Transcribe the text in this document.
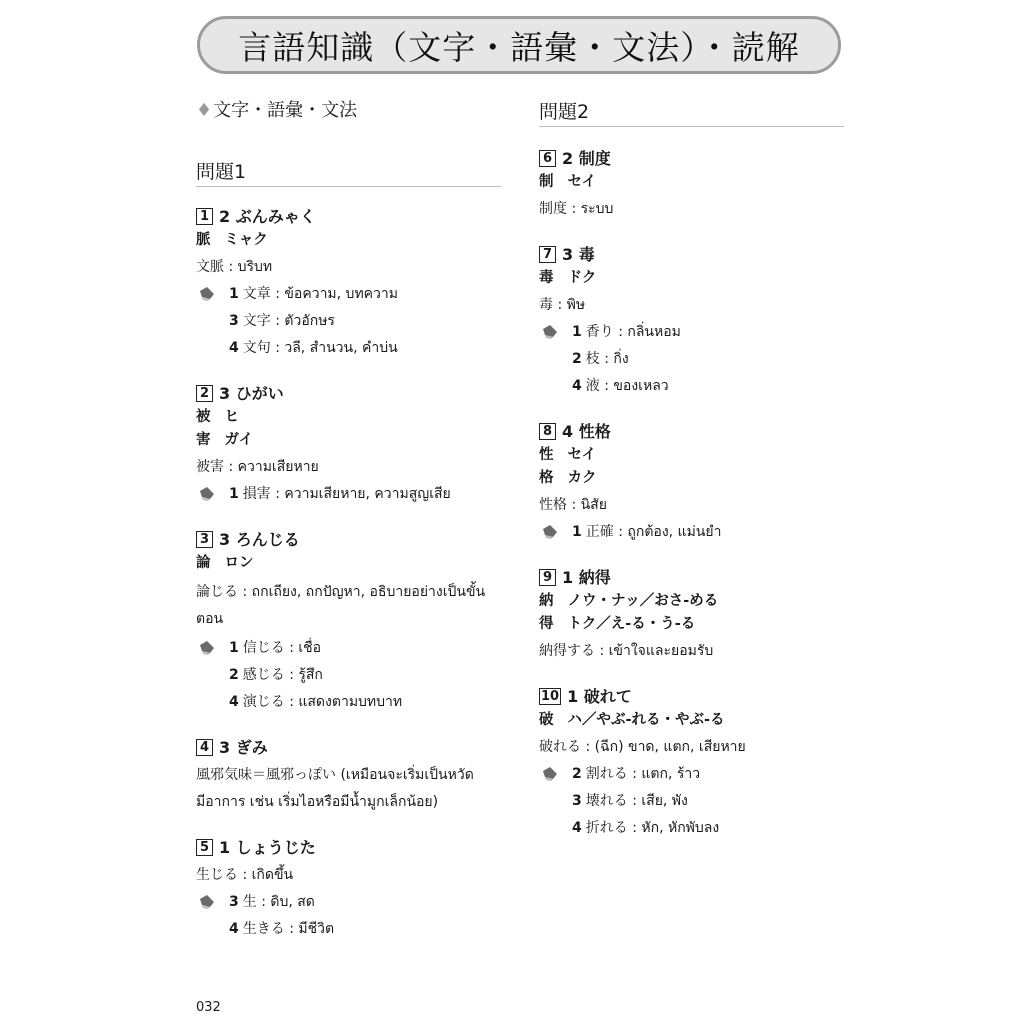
言語知識（文字・語彙・文法）・読解
♦文字・語彙・文法
問題1
1 2 ぶんみゃく
脈 ミャク
文脈 : บริบท
1 文章 : ข้อความ, บทความ
3 文字 : ตัวอักษร
4 文句 : วลี, สำนวน, คำบ่น
2 3 ひがい
被 ヒ
害 ガイ
被害 : ความเสียหาย
1 損害 : ความเสียหาย, ความสูญเสีย
3 3 ろんじる
論 ロン
論じる : ถกเถียง, ถกปัญหา, อธิบายอย่างเป็นขั้นตอน
1 信じる : เชื่อ
2 感じる : รู้สึก
4 演じる : แสดงตามบทบาท
4 3 ぎみ
風邪気味＝風邪っぽい (เหมือนจะเริ่มเป็นหวัด
มีอาการ เช่น เริ่มไอหรือมีน้ำมูกเล็กน้อย)
5 1 しょうじた
生じる : เกิดขึ้น
3 生 : ดิบ, สด
4 生きる : มีชีวิต
問題2
6 2 制度
制 セイ
制度 : ระบบ
7 3 毒
毒 ドク
毒 : พิษ
1 香り : กลิ่นหอม
2 枝 : กิ่ง
4 液 : ของเหลว
8 4 性格
性 セイ
格 カク
性格 : นิสัย
1 正確 : ถูกต้อง, แม่นยำ
9 1 納得
納 ノウ・ナッ／おさ-める
得 トク／え-る・う-る
納得する : เข้าใจและยอมรับ
10 1 破れて
破 ハ／やぶ-れる・やぶ-る
破れる : (ฉีก) ขาด, แตก, เสียหาย
2 割れる : แตก, ร้าว
3 壊れる : เสีย, พัง
4 折れる : หัก, หักพับลง
032
